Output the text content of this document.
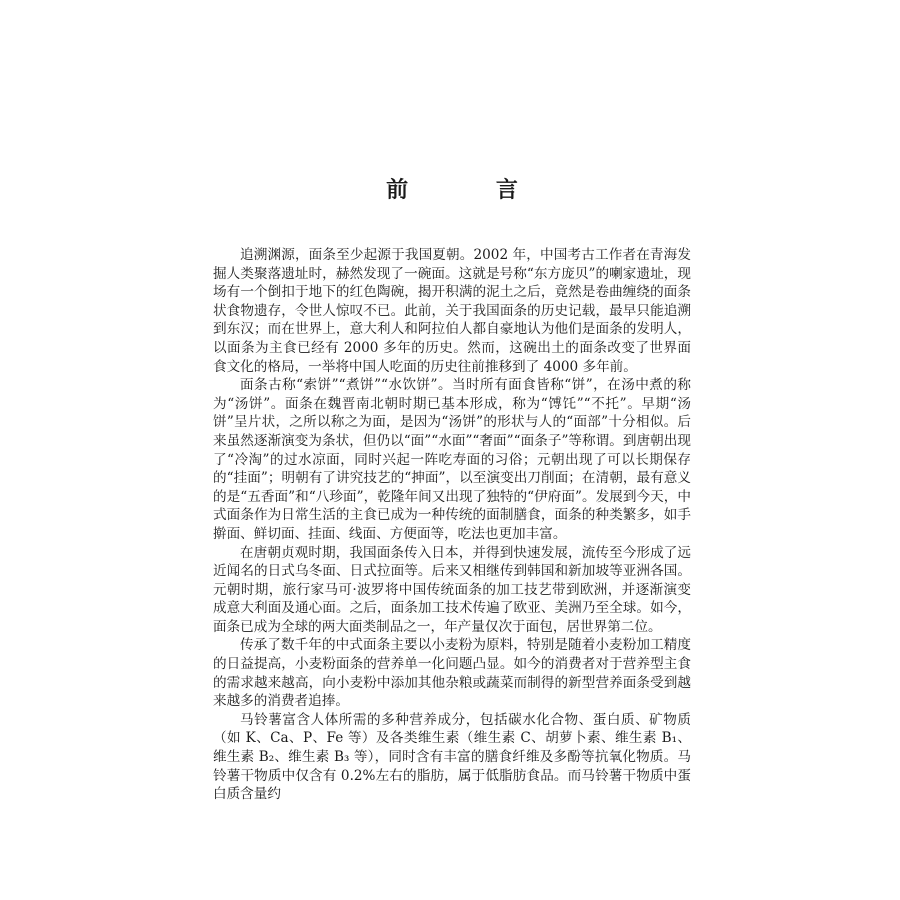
前 言

追溯渊源，面条至少起源于我国夏朝。2002 年，中国考古工作者在青海发掘人类聚落遗址时，赫然发现了一碗面。这就是号称“东方庞贝”的喇家遗址，现场有一个倒扣于地下的红色陶碗，揭开积满的泥土之后，竟然是卷曲缠绕的面条状食物遗存，令世人惊叹不已。此前，关于我国面条的历史记载，最早只能追溯到东汉；而在世界上，意大利人和阿拉伯人都自豪地认为他们是面条的发明人，以面条为主食已经有 2000 多年的历史。然而，这碗出土的面条改变了世界面食文化的格局，一举将中国人吃面的历史往前推移到了 4000 多年前。

面条古称“索饼”“煮饼”“水饮饼”。当时所有面食皆称“饼”，在汤中煮的称为“汤饼”。面条在魏晋南北朝时期已基本形成，称为“馎饦”“不托”。早期“汤饼”呈片状，之所以称之为面，是因为“汤饼”的形状与人的“面部”十分相似。后来虽然逐渐演变为条状，但仍以“面”“水面”“奢面”“面条子”等称谓。到唐朝出现了“冷淘”的过水凉面，同时兴起一阵吃寿面的习俗；元朝出现了可以长期保存的“挂面”；明朝有了讲究技艺的“抻面”，以至演变出刀削面；在清朝，最有意义的是“五香面”和“八珍面”，乾隆年间又出现了独特的“伊府面”。发展到今天，中式面条作为日常生活的主食已成为一种传统的面制膳食，面条的种类繁多，如手擀面、鲜切面、挂面、线面、方便面等，吃法也更加丰富。

在唐朝贞观时期，我国面条传入日本，并得到快速发展，流传至今形成了远近闻名的日式乌冬面、日式拉面等。后来又相继传到韩国和新加坡等亚洲各国。元朝时期，旅行家马可·波罗将中国传统面条的加工技艺带到欧洲，并逐渐演变成意大利面及通心面。之后，面条加工技术传遍了欧亚、美洲乃至全球。如今，面条已成为全球的两大面类制品之一，年产量仅次于面包，居世界第二位。

传承了数千年的中式面条主要以小麦粉为原料，特别是随着小麦粉加工精度的日益提高，小麦粉面条的营养单一化问题凸显。如今的消费者对于营养型主食的需求越来越高，向小麦粉中添加其他杂粮或蔬菜而制得的新型营养面条受到越来越多的消费者追捧。

马铃薯富含人体所需的多种营养成分，包括碳水化合物、蛋白质、矿物质（如 K、Ca、P、Fe 等）及各类维生素（维生素 C、胡萝卜素、维生素 B₁、维生素 B₂、维生素 B₃ 等），同时含有丰富的膳食纤维及多酚等抗氧化物质。马铃薯干物质中仅含有 0.2%左右的脂肪，属于低脂肪食品。而马铃薯干物质中蛋白质含量约
